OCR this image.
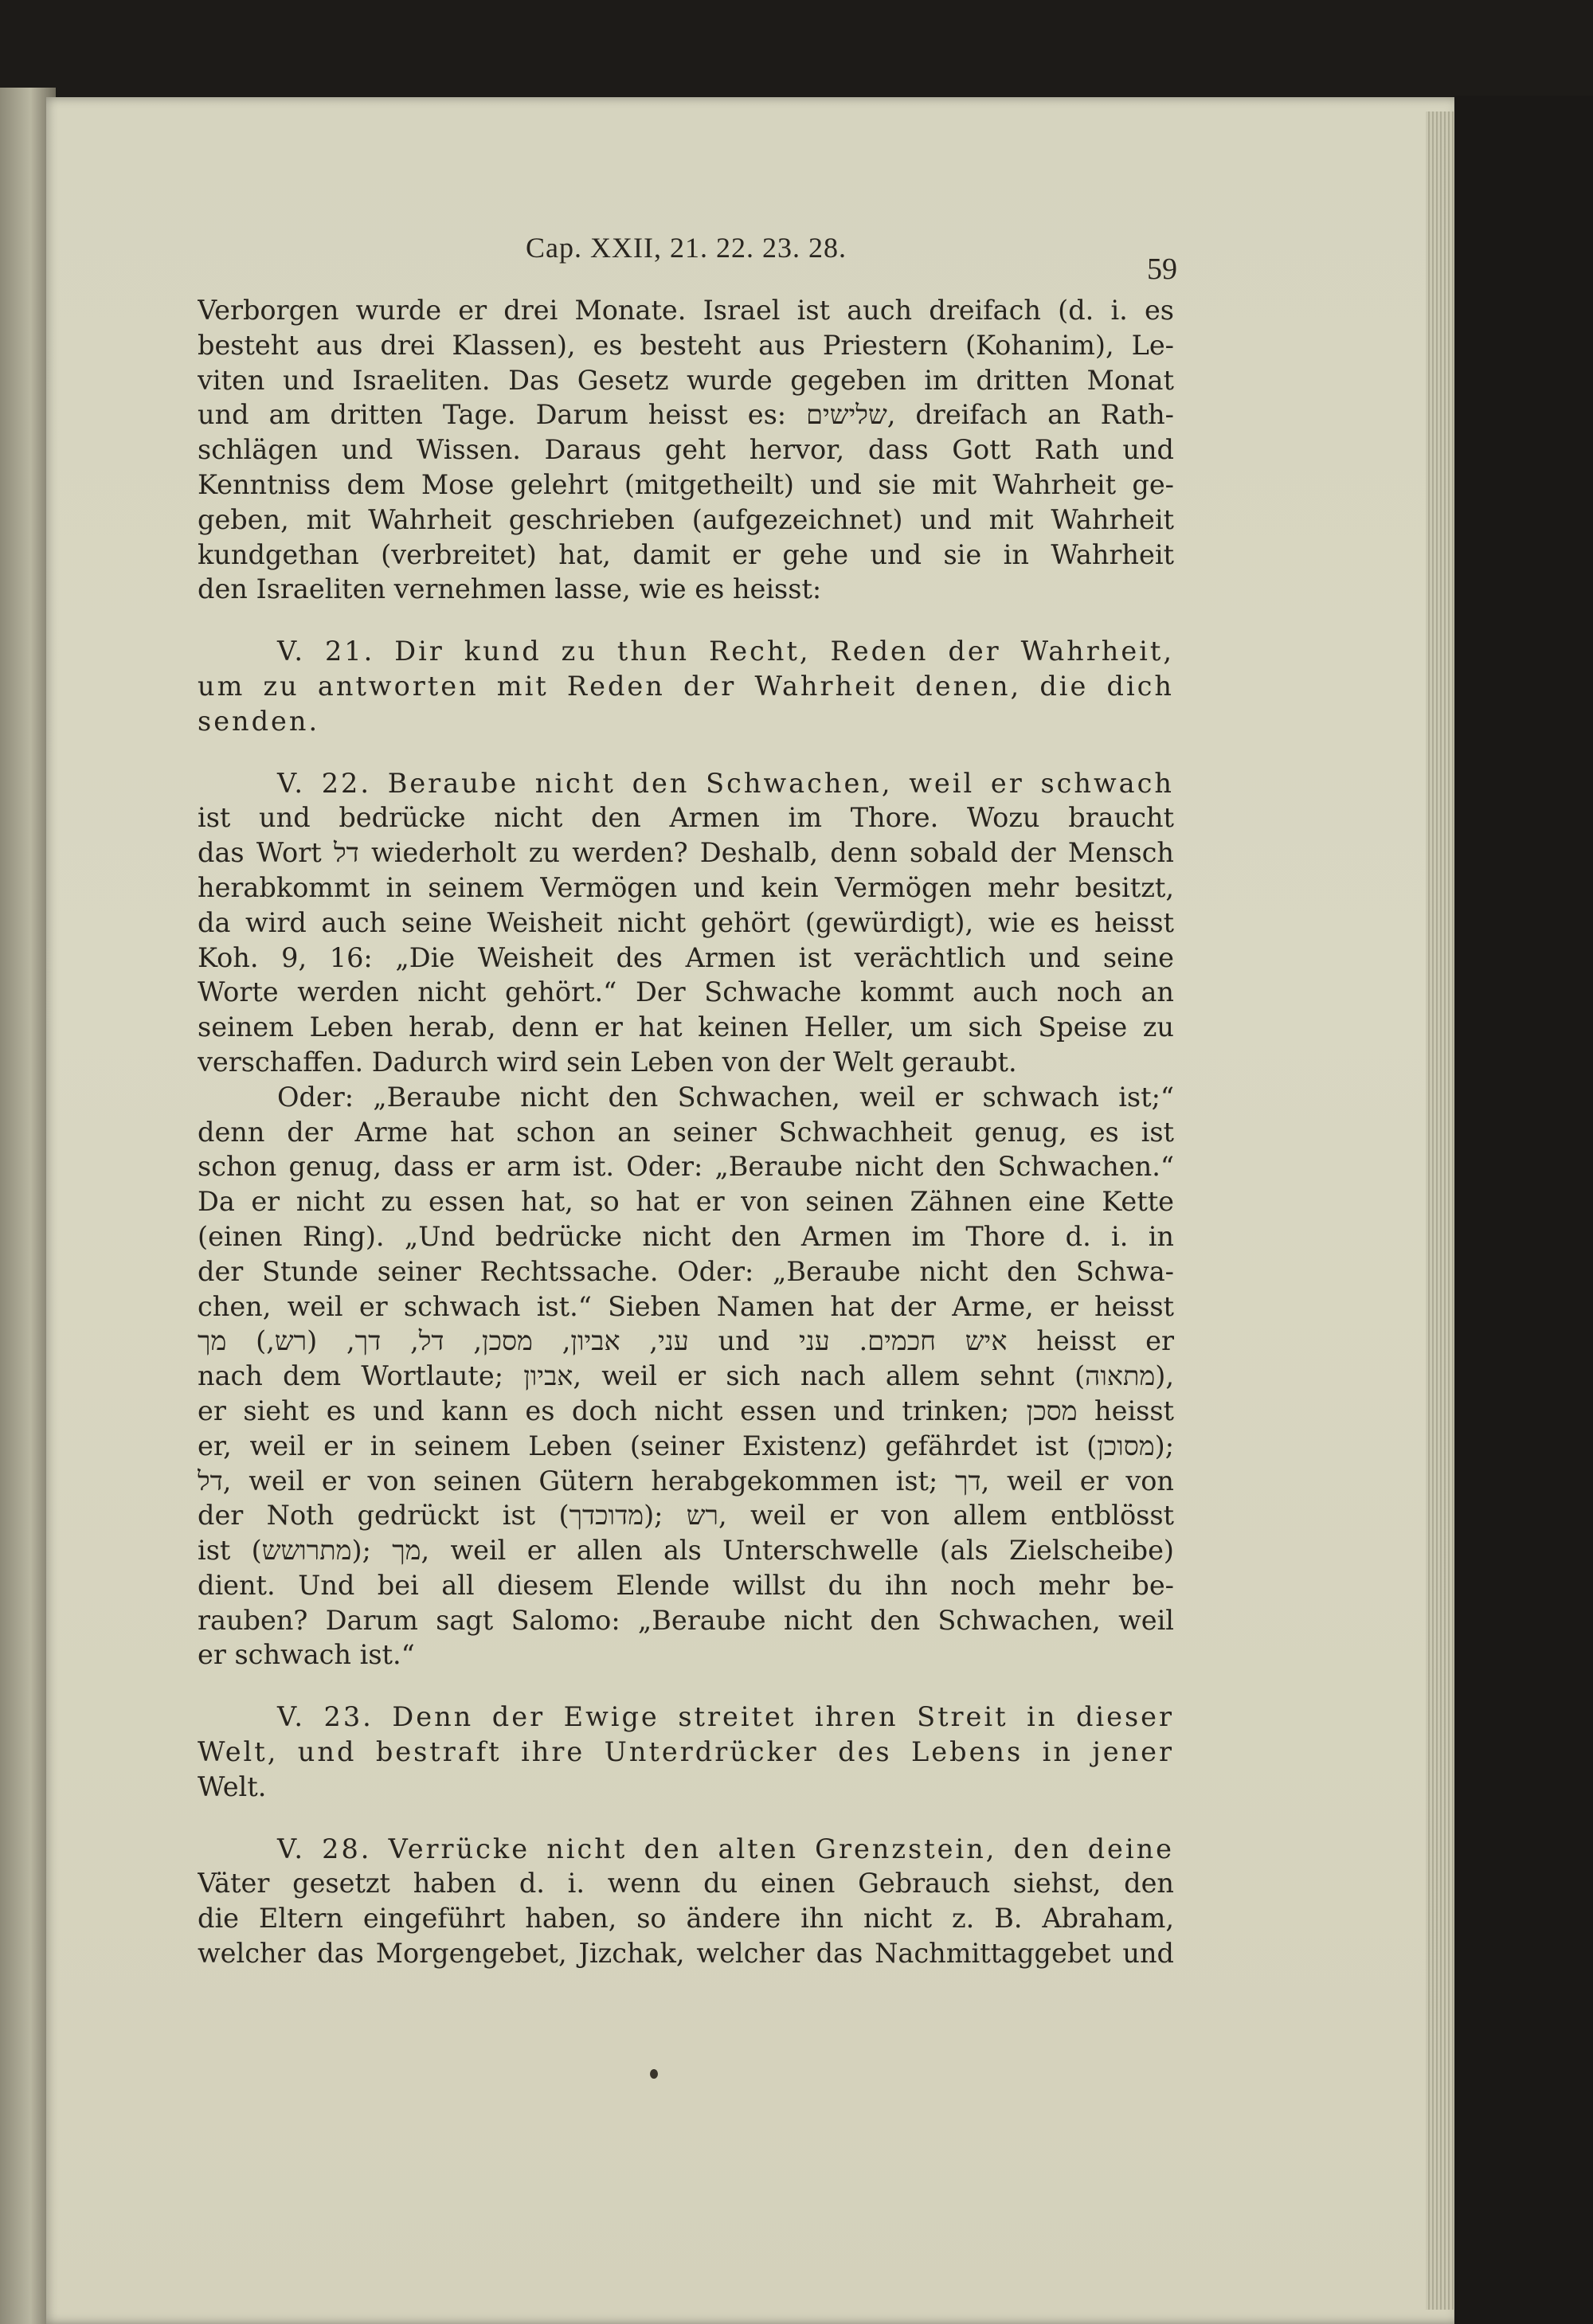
Cap. XXII, 21. 22. 23. 28.
59
Verborgen wurde er drei Monate. Israel ist auch dreifach (d. i. es
besteht aus drei Klassen), es besteht aus Priestern (Kohanim), Le-
viten und Israeliten. Das Gesetz wurde gegeben im dritten Monat
und am dritten Tage. Darum heisst es: שלישים, dreifach an Rath-
schlägen und Wissen. Daraus geht hervor, dass Gott Rath und
Kenntniss dem Mose gelehrt (mitgetheilt) und sie mit Wahrheit ge-
geben, mit Wahrheit geschrieben (aufgezeichnet) und mit Wahrheit
kundgethan (verbreitet) hat, damit er gehe und sie in Wahrheit
den Israeliten vernehmen lasse, wie es heisst:
V. 21. Dir kund zu thun Recht, Reden der Wahrheit,
um zu antworten mit Reden der Wahrheit denen, die dich
senden.
V. 22. Beraube nicht den Schwachen, weil er schwach
ist und bedrücke nicht den Armen im Thore. Wozu braucht
das Wort דל wiederholt zu werden? Deshalb, denn sobald der Mensch
herabkommt in seinem Vermögen und kein Vermögen mehr besitzt,
da wird auch seine Weisheit nicht gehört (gewürdigt), wie es heisst
Koh. 9, 16: „Die Weisheit des Armen ist verächtlich und seine
Worte werden nicht gehört.“ Der Schwache kommt auch noch an
seinem Leben herab, denn er hat keinen Heller, um sich Speise zu
verschaffen. Dadurch wird sein Leben von der Welt geraubt.
Oder: „Beraube nicht den Schwachen, weil er schwach ist;“
denn der Arme hat schon an seiner Schwachheit genug, es ist
schon genug, dass er arm ist. Oder: „Beraube nicht den Schwachen.“
Da er nicht zu essen hat, so hat er von seinen Zähnen eine Kette
(einen Ring). „Und bedrücke nicht den Armen im Thore d. i. in
der Stunde seiner Rechtssache. Oder: „Beraube nicht den Schwa-
chen, weil er schwach ist.“ Sieben Namen hat der Arme, er heisst
עני, אביון, מסכן, דל, דך, (רש,) מך und איש חכמים. עני heisst er
nach dem Wortlaute; אביון, weil er sich nach allem sehnt (מתאוה),
er sieht es und kann es doch nicht essen und trinken; מסכן heisst
er, weil er in seinem Leben (seiner Existenz) gefährdet ist (מסוכן);
דל, weil er von seinen Gütern herabgekommen ist; דך, weil er von
der Noth gedrückt ist (מדוכדך); רש, weil er von allem entblösst
ist (מתרושש); מך, weil er allen als Unterschwelle (als Zielscheibe)
dient. Und bei all diesem Elende willst du ihn noch mehr be-
rauben? Darum sagt Salomo: „Beraube nicht den Schwachen, weil
er schwach ist.“
V. 23. Denn der Ewige streitet ihren Streit in dieser
Welt, und bestraft ihre Unterdrücker des Lebens in jener
Welt.
V. 28. Verrücke nicht den alten Grenzstein, den deine
Väter gesetzt haben d. i. wenn du einen Gebrauch siehst, den
die Eltern eingeführt haben, so ändere ihn nicht z. B. Abraham,
welcher das Morgengebet, Jizchak, welcher das Nachmittaggebet und
